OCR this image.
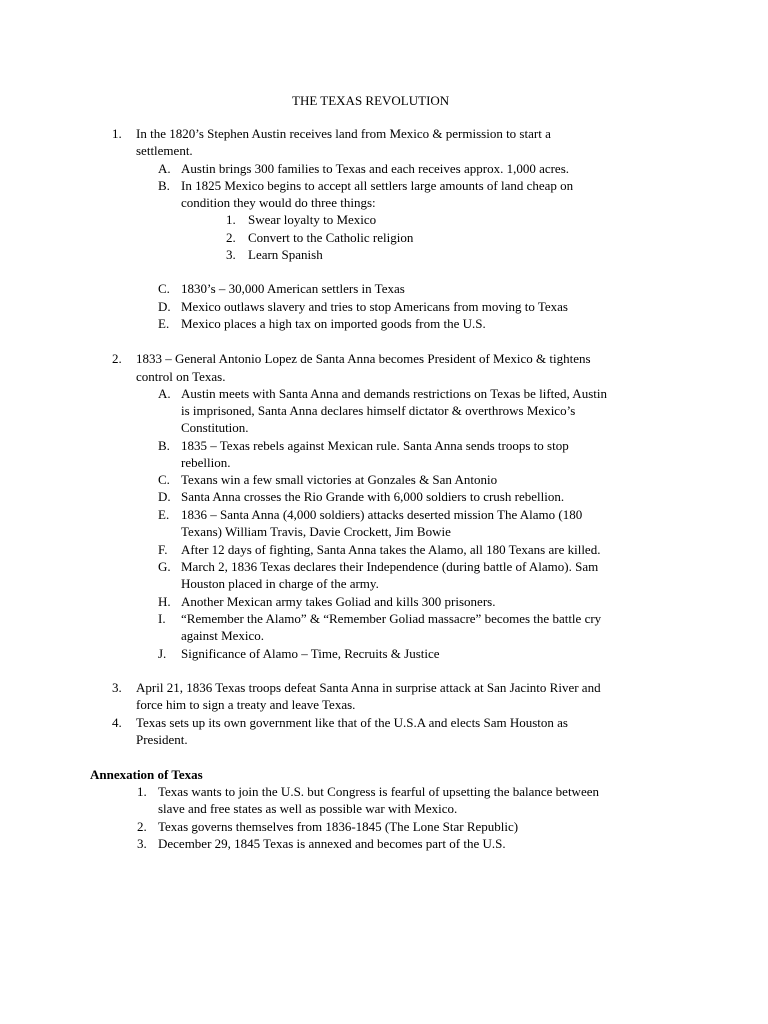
THE TEXAS REVOLUTION
1. In the 1820’s Stephen Austin receives land from Mexico & permission to start a
settlement.
A. Austin brings 300 families to Texas and each receives approx. 1,000 acres.
B. In 1825 Mexico begins to accept all settlers large amounts of land cheap on
condition they would do three things:
1. Swear loyalty to Mexico
2. Convert to the Catholic religion
3. Learn Spanish
C. 1830’s – 30,000 American settlers in Texas
D. Mexico outlaws slavery and tries to stop Americans from moving to Texas
E. Mexico places a high tax on imported goods from the U.S.
2. 1833 – General Antonio Lopez de Santa Anna becomes President of Mexico & tightens
control on Texas.
A. Austin meets with Santa Anna and demands restrictions on Texas be lifted, Austin
is imprisoned, Santa Anna declares himself dictator & overthrows Mexico’s
Constitution.
B. 1835 – Texas rebels against Mexican rule. Santa Anna sends troops to stop
rebellion.
C. Texans win a few small victories at Gonzales & San Antonio
D. Santa Anna crosses the Rio Grande with 6,000 soldiers to crush rebellion.
E. 1836 – Santa Anna (4,000 soldiers) attacks deserted mission The Alamo (180
Texans) William Travis, Davie Crockett, Jim Bowie
F. After 12 days of fighting, Santa Anna takes the Alamo, all 180 Texans are killed.
G. March 2, 1836 Texas declares their Independence (during battle of Alamo). Sam
Houston placed in charge of the army.
H. Another Mexican army takes Goliad and kills 300 prisoners.
I. “Remember the Alamo” & “Remember Goliad massacre” becomes the battle cry
against Mexico.
J. Significance of Alamo – Time, Recruits & Justice
3. April 21, 1836 Texas troops defeat Santa Anna in surprise attack at San Jacinto River and
force him to sign a treaty and leave Texas.
4. Texas sets up its own government like that of the U.S.A and elects Sam Houston as
President.
Annexation of Texas
1. Texas wants to join the U.S. but Congress is fearful of upsetting the balance between
slave and free states as well as possible war with Mexico.
2. Texas governs themselves from 1836-1845 (The Lone Star Republic)
3. December 29, 1845 Texas is annexed and becomes part of the U.S.
